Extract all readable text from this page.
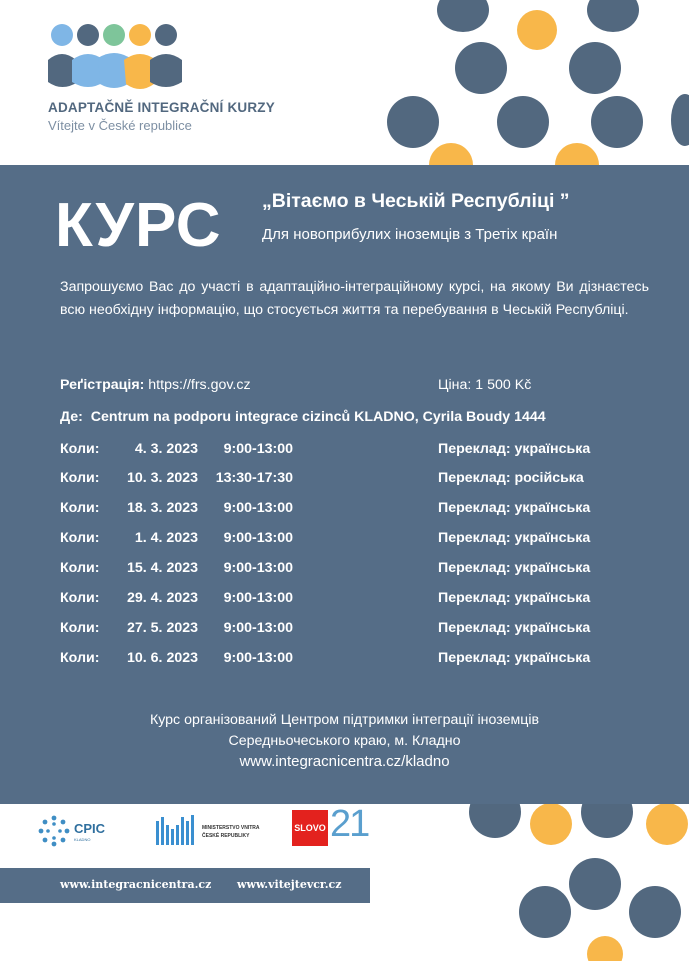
ADAPTAČNĚ INTEGRAČNÍ KURZY
Vítejte v České republice
КУРС „Вітаємо в Чеській Республіці ”
Для новоприбулих іноземців з Третіх країн
Запрошуємо Вас до участі в адаптаційно-інтеграційному курсі, на якому Ви дізнаєтесь всю необхідну інформацію, що стосується життя та перебування в Чеській Республіці.
Реґістрація: https://frs.gov.cz	Ціна: 1 500 Kč
Де: Centrum na podporu integrace cizinců KLADNO, Cyrila Boudy 1444
Коли:	4. 3. 2023	9:00-13:00	Переклад: українська
Коли:	10. 3. 2023	13:30-17:30	Переклад: російська
Коли:	18. 3. 2023	9:00-13:00	Переклад: українська
Коли:	1. 4. 2023	9:00-13:00	Переклад: українська
Коли:	15. 4. 2023	9:00-13:00	Переклад: українська
Коли:	29. 4. 2023	9:00-13:00	Переклад: українська
Коли:	27. 5. 2023	9:00-13:00	Переклад: українська
Коли:	10. 6. 2023	9:00-13:00	Переклад: українська
Курс організований Центром підтримки інтеграції іноземців
Середньочеського краю, м. Кладно
www.integracnicentra.cz/kladno
CPIC
KLADNO
MINISTERSTVO VNITRA
ČESKÉ REPUBLIKY
SLOVO 21
www.integracnicentra.cz www.vitejtevcr.cz
